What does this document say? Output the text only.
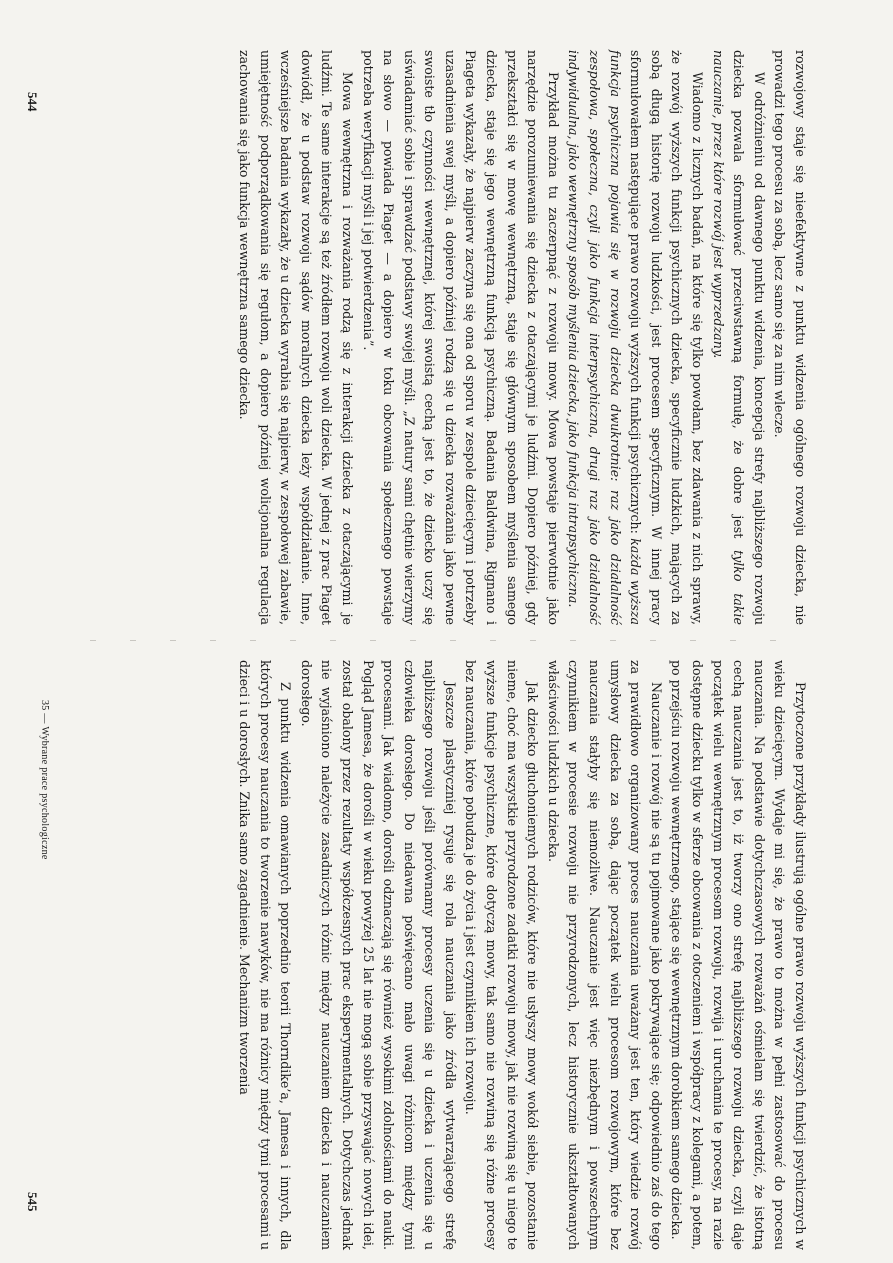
rozwojowy staje się nieefektywne z punktu widzenia ogólnego rozwoju dziecka, nie prowadzi tego procesu za sobą, lecz samo się za nim wlecze.

W odróżnieniu od dawnego punktu widzenia, koncepcja strefy najbliższego rozwoju dziecka pozwala sformułować przeciwstawną formułę, że dobre jest tylko takie nauczanie, przez które rozwój jest wyprzedzany.

Wiadomo z licznych badań, na które się tylko powołam, bez zdawania z nich sprawy, że rozwój wyższych funkcji psychicznych dziecka, specyficznie ludzkich, mających za sobą długą historię rozwoju ludzkości, jest procesem specyficznym. W innej pracy sformułowałem następujące prawo rozwoju wyższych funkcji psychicznych: każda wyższa funkcja psychiczna pojawia się w rozwoju dziecka dwukrotnie: raz jako działalność zespołowa, społeczna, czyli jako funkcja interpsychiczna, drugi raz jako działalność indywidualna, jako wewnętrzny sposób myślenia dziecka, jako funkcja intrapsychiczna.

Przykład można tu zaczerpnąć z rozwoju mowy. Mowa powstaje pierwotnie jako narzędzie porozumiewania się dziecka z otaczającymi je ludźmi. Dopiero później, gdy przekształci się w mowę wewnętrzną, staje się głównym sposobem myślenia samego dziecka, staje się jego wewnętrzną funkcją psychiczną. Badania Baldwina, Rignano i Piageta wykazały, że najpierw zaczyna się ona od sporu w zespole dziecięcym i potrzeby uzasadnienia swej myśli, a dopiero później rodzą się u dziecka rozważania jako pewne swoiste tło czynności wewnętrznej, której swoistą cechą jest to, że dziecko uczy się uświadamiać sobie i sprawdzać podstawy swojej myśli. „Z natury sami chętnie wierzymy na słowo — powiada Piaget — a dopiero w toku obcowania społecznego powstaje potrzeba weryfikacji myśli i jej potwierdzenia”.

Mowa wewnętrzna i rozważania rodzą się z interakcji dziecka z otaczającymi je ludźmi. Te same interakcje są też źródłem rozwoju woli dziecka. W jednej z prac Piaget dowiódł, że u podstaw rozwoju sądów moralnych dziecka leży współdziałanie. Inne, wcześniejsze badania wykazały, że u dziecka wyrabia się najpierw, w zespołowej zabawie, umiejętność podporządkowania się regułom, a dopiero później wolicjonalna regulacja zachowania się jako funkcja wewnętrzna samego dziecka.

544

Przytoczone przykłady ilustrują ogólne prawo rozwoju wyższych funkcji psychicznych w wieku dziecięcym. Wydaje mi się, że prawo to można w pełni zastosować do procesu nauczania. Na podstawie dotychczasowych rozważań ośmielam się twierdzić, że istotną cechą nauczania jest to, iż tworzy ono strefę najbliższego rozwoju dziecka, czyli daje początek wielu wewnętrznym procesom rozwoju, rozwija i uruchamia te procesy, na razie dostępne dziecku tylko w sferze obcowania z otoczeniem i współpracy z kolegami, a potem, po przejściu rozwoju wewnętrznego, stające się wewnętrznym dorobkiem samego dziecka.

Nauczanie i rozwój nie są tu pojmowane jako pokrywające się; odpowiednio zaś do tego za prawidłowo organizowany proces nauczania uważany jest ten, który wiedzie rozwój umysłowy dziecka za sobą, dając początek wielu procesom rozwojowym, które bez nauczania stałyby się niemożliwe. Nauczanie jest więc niezbędnym i powszechnym czynnikiem w procesie rozwoju nie przyrodzonych, lecz historycznie ukształtowanych właściwości ludzkich u dziecka.

Jak dziecko głuchoniemych rodziców, które nie usłyszy mowy wokół siebie, pozostanie nieme, choć ma wszystkie przyrodzone zadatki rozwoju mowy, jak nie rozwiną się u niego te wyższe funkcje psychiczne, które dotyczą mowy, tak samo nie rozwiną się różne procesy bez nauczania, które pobudza je do życia i jest czynnikiem ich rozwoju.

Jeszcze plastyczniej rysuje się rola nauczania jako źródła wytwarzającego strefę najbliższego rozwoju jeśli porównamy procesy uczenia się u dziecka i uczenia się u człowieka dorosłego. Do niedawna poświęcano mało uwagi różnicom między tymi procesami. Jak wiadomo, dorośli odznaczają się również wysokimi zdolnościami do nauki. Pogląd Jamesa, że dorośli w wieku powyżej 25 lat nie mogą sobie przyswajać nowych idei, został obalony przez rezultaty współczesnych prac eksperymentalnych. Dotychczas jednak nie wyjaśniono należycie zasadniczych różnic między nauczaniem dziecka i nauczaniem dorosłego.

Z punktu widzenia omawianych poprzednio teorii Thorndike’a, Jamesa i innych, dla których procesy nauczania to tworzenie nawyków, nie ma różnicy między tymi procesami u dzieci i u dorosłych. Znika samo zagadnienie. Mechanizm tworzenia

35 — Wybrane prace psychologiczne
545
